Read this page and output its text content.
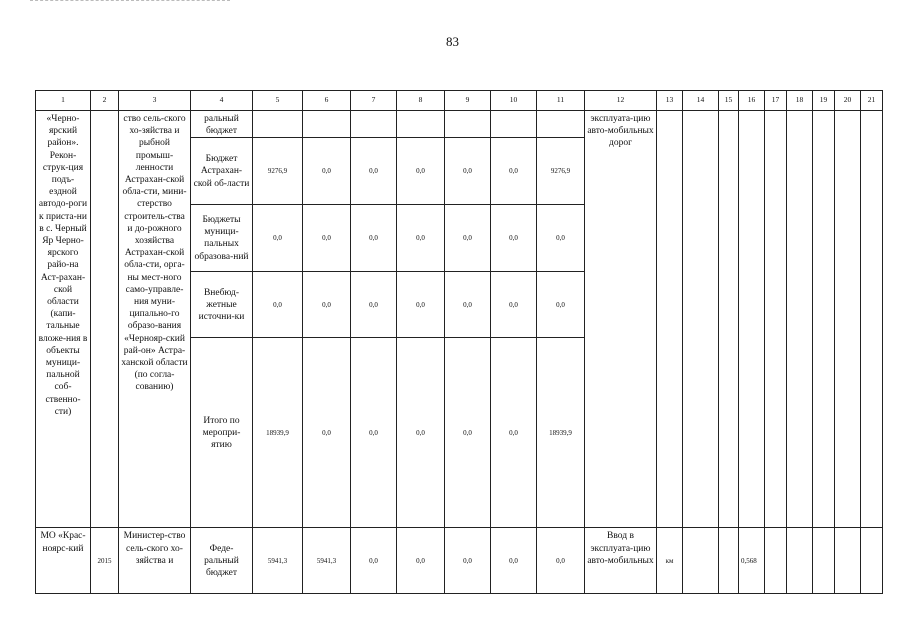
83
1	2	3	4	5	6	7	8	9	10	11	12	13	14	15	16	17	18	19	20	21
«Черно-ярский район». Рекон-струк-ция подъ-ездной автодо-роги к приста-ни в с. Черный Яр Черно-ярского райо-на Аст-рахан-ской области (капи-тальные вложе-ния в объекты муници-пальной соб-ственно-сти)		ство сель-ского хо-зяйства и рыбной промыш-ленности Астрахан-ской обла-сти, мини-стерство строитель-ства и до-рожного хозяйства Астрахан-ской обла-сти, орга-ны мест-ного само-управле-ния муни-ципально-го образо-вания «Чернояр-ский рай-он» Астра-ханской области (по согла-сованию)	ральный бюджет								эксплуата-цию авто-мобильных дорог									
			Бюджет Астрахан-ской об-ласти	9276,9	0,0	0,0	0,0	0,0	0,0	9276,9										
			Бюджеты муници-пальных образова-ний	0,0	0,0	0,0	0,0	0,0	0,0	0,0										
			Внебюд-жетные источни-ки	0,0	0,0	0,0	0,0	0,0	0,0	0,0										
			Итого по меропри-ятию	18939,9	0,0	0,0	0,0	0,0	0,0	18939,9										
МО «Крас-ноярс-кий	2015	Министер-ство сель-ского хо-зяйства и	Феде-ральный бюджет	5941,3	5941,3	0,0	0,0	0,0	0,0	0,0	Ввод в эксплуата-цию авто-мобильных	км			0,568					
